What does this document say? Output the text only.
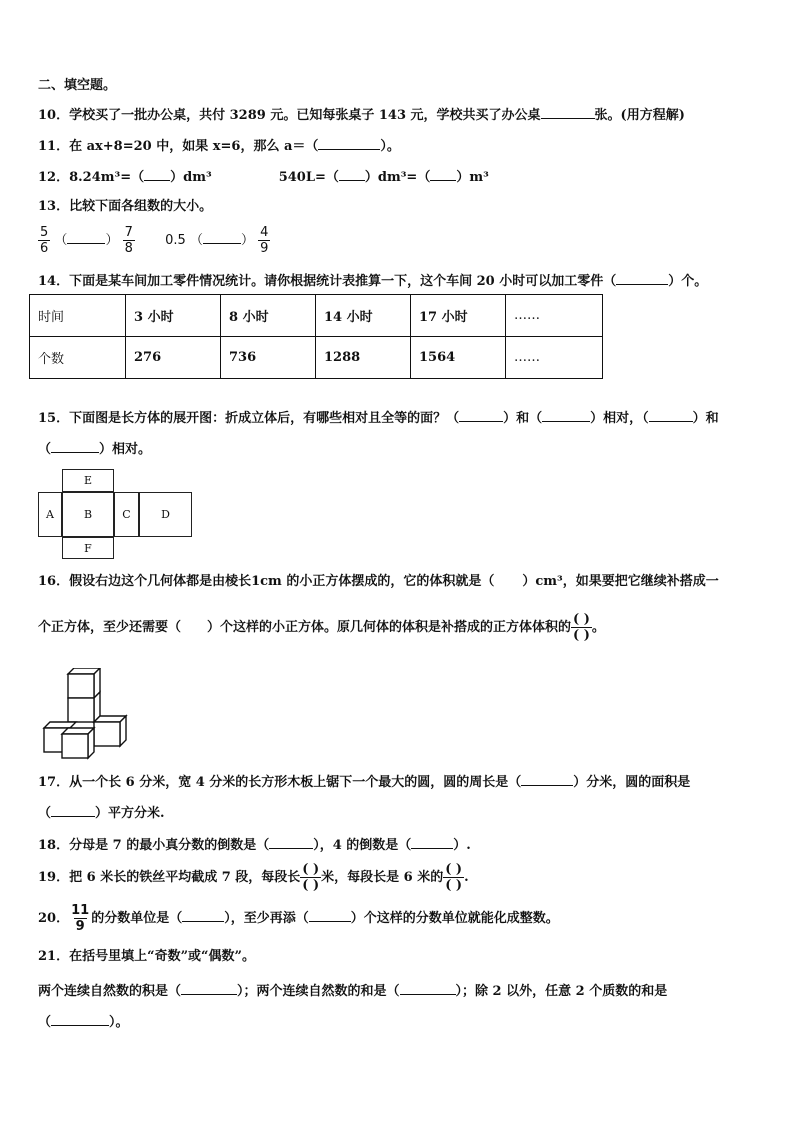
二、填空题。
10．学校买了一批办公桌，共付 3289 元。已知每张桌子 143 元，学校共买了办公桌	张。(用方程解)
11．在 ax+8=20 中，如果 x=6，那么 a＝（	）。
12．8.24m³=（ ）dm³	540L=（ ）dm³=（ ）m³
13．比较下面各组数的大小。
$\frac{5}{6}$ （	） $\frac{7}{8} 0.5$ （	） $\frac{4}{9}$
14．下面是某车间加工零件情况统计。请你根据统计表推算一下，这个车间 20 小时可以加工零件（	）个。
时间	3 小时	8 小时	14 小时	17 小时	……
个数	276	736	1288	1564	……
15．下面图是长方体的展开图：折成立体后，有哪些相对且全等的面？（	）和（	）相对，（	）和
（	）相对。
E
A	B	C	D
F
16．假设右边这个几何体都是由棱长1cm 的小正方体摆成的，它的体积就是（ ）cm³，如果要把它继续补搭成一
个正方体，至少还需要（ ）个这样的小正方体。原几何体的体积是补搭成的正方体体积的 $\frac{( )}{( )}$ 。
17．从一个长 6 分米，宽 4 分米的长方形木板上锯下一个最大的圆，圆的周长是（	）分米，圆的面积是
（	）平方分米.
18．分母是 7 的最小真分数的倒数是（	），4 的倒数是（	）.
19．把 6 米长的铁丝平均截成 7 段，每段长 $\frac{( )}{( )}$ 米，每段长是 6 米的 $\frac{( )}{( )}$ .
20． $\frac{11}{9}$ 的分数单位是（	），至少再添（	）个这样的分数单位就能化成整数。
21．在括号里填上“奇数”或“偶数”。
两个连续自然数的积是（	）；两个连续自然数的和是（	）；除 2 以外，任意 2 个质数的和是
（	）。
